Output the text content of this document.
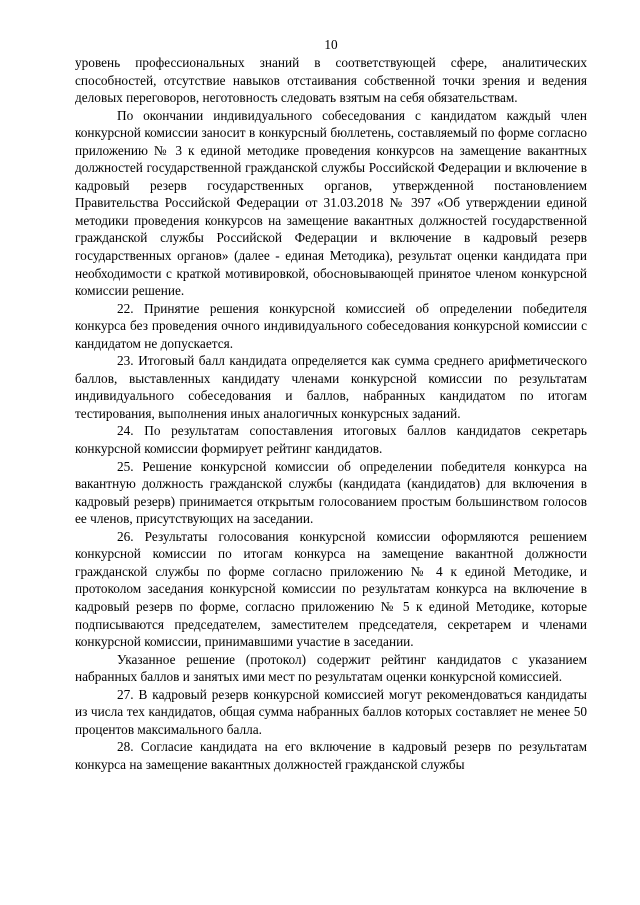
10

уровень профессиональных знаний в соответствующей сфере, аналитических способностей, отсутствие навыков отстаивания собственной точки зрения и ведения деловых переговоров, неготовность следовать взятым на себя обязательствам.

По окончании индивидуального собеседования с кандидатом каждый член конкурсной комиссии заносит в конкурсный бюллетень, составляемый по форме согласно приложению № 3 к единой методике проведения конкурсов на замещение вакантных должностей государственной гражданской службы Российской Федерации и включение в кадровый резерв государственных органов, утвержденной постановлением Правительства Российской Федерации от 31.03.2018 № 397 «Об утверждении единой методики проведения конкурсов на замещение вакантных должностей государственной гражданской службы Российской Федерации и включение в кадровый резерв государственных органов» (далее - единая Методика), результат оценки кандидата при необходимости с краткой мотивировкой, обосновывающей принятое членом конкурсной комиссии решение.

22. Принятие решения конкурсной комиссией об определении победителя конкурса без проведения очного индивидуального собеседования конкурсной комиссии с кандидатом не допускается.

23. Итоговый балл кандидата определяется как сумма среднего арифметического баллов, выставленных кандидату членами конкурсной комиссии по результатам индивидуального собеседования и баллов, набранных кандидатом по итогам тестирования, выполнения иных аналогичных конкурсных заданий.

24. По результатам сопоставления итоговых баллов кандидатов секретарь конкурсной комиссии формирует рейтинг кандидатов.

25. Решение конкурсной комиссии об определении победителя конкурса на вакантную должность гражданской службы (кандидата (кандидатов) для включения в кадровый резерв) принимается открытым голосованием простым большинством голосов ее членов, присутствующих на заседании.

26. Результаты голосования конкурсной комиссии оформляются решением конкурсной комиссии по итогам конкурса на замещение вакантной должности гражданской службы по форме согласно приложению № 4 к единой Методике, и протоколом заседания конкурсной комиссии по результатам конкурса на включение в кадровый резерв по форме, согласно приложению № 5 к единой Методике, которые подписываются председателем, заместителем председателя, секретарем и членами конкурсной комиссии, принимавшими участие в заседании.

Указанное решение (протокол) содержит рейтинг кандидатов с указанием набранных баллов и занятых ими мест по результатам оценки конкурсной комиссией.

27. В кадровый резерв конкурсной комиссией могут рекомендоваться кандидаты из числа тех кандидатов, общая сумма набранных баллов которых составляет не менее 50 процентов максимального балла.

28. Согласие кандидата на его включение в кадровый резерв по результатам конкурса на замещение вакантных должностей гражданской службы
